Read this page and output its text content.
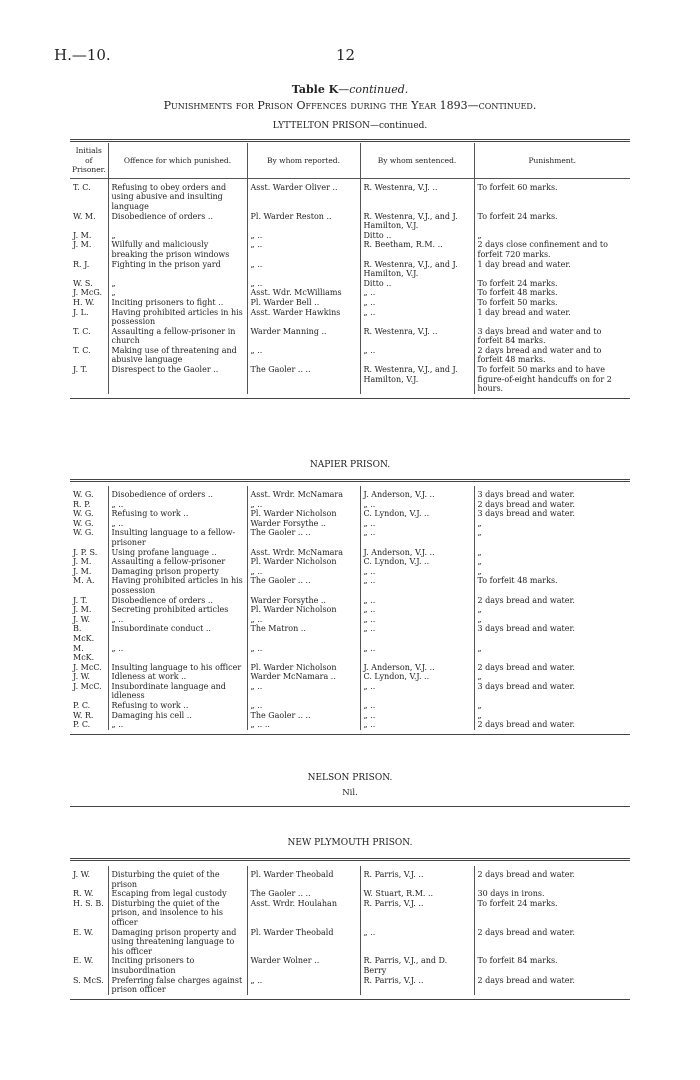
H.—10.	12
Table K—continued.
Punishments for Prison Offences during the Year 1893—continued.
LYTTELTON PRISON—continued.
Initials of Prisoner.	Offence for which punished.	By whom reported.	By whom sentenced.	Punishment.
T. C.	Refusing to obey orders and using abusive and insulting language	Asst. Warder Oliver ..	R. Westenra, V.J. ..	To forfeit 60 marks.
W. M.	Disobedience of orders ..	Pl. Warder Reston ..	R. Westenra, V.J., and J. Hamilton, V.J.	To forfeit 24 marks.
J. M.	„	„ ..	Ditto ..	„
J. M.	Wilfully and maliciously breaking the prison windows	„ ..	R. Beetham, R.M. ..	2 days close confinement and to forfeit 720 marks.
R. J.	Fighting in the prison yard	„ ..	R. Westenra, V.J., and J. Hamilton, V.J.	1 day bread and water.
W. S.	„	„ ..	Ditto ..	To forfeit 24 marks.
J. McG.	„	Asst. Wdr. McWilliams	„ ..	To forfeit 48 marks.
H. W.	Inciting prisoners to fight ..	Pl. Warder Bell ..	„ ..	To forfeit 50 marks.
J. L.	Having prohibited articles in his possession	Asst. Warder Hawkins	„ ..	1 day bread and water.
T. C.	Assaulting a fellow-prisoner in church	Warder Manning ..	R. Westenra, V.J. ..	3 days bread and water and to forfeit 84 marks.
T. C.	Making use of threatening and abusive language	„ ..	„ ..	2 days bread and water and to forfeit 48 marks.
J. T.	Disrespect to the Gaoler ..	The Gaoler .. ..	R. Westenra, V.J., and J. Hamilton, V.J.	To forfeit 50 marks and to have figure-of-eight handcuffs on for 2 hours.
NAPIER PRISON.
W. G.	Disobedience of orders ..	Asst. Wrdr. McNamara	J. Anderson, V.J. ..	3 days bread and water.
R. P.	„ ..	„ ..	„ ..	2 days bread and water.
W. G.	Refusing to work ..	Pl. Warder Nicholson	C. Lyndon, V.J. ..	3 days bread and water.
W. G.	„ ..	Warder Forsythe ..	„ ..	„
W. G.	Insulting language to a fellow-prisoner	The Gaoler .. ..	„ ..	„
J. P. S.	Using profane language ..	Asst. Wrdr. McNamara	J. Anderson, V.J. ..	„
J. M.	Assaulting a fellow-prisoner	Pl. Warder Nicholson	C. Lyndon, V.J. ..	„
J. M.	Damaging prison property	„ ..	„ ..	„
M. A.	Having prohibited articles in his possession	The Gaoler .. ..	„ ..	To forfeit 48 marks.
J. T.	Disobedience of orders ..	Warder Forsythe ..	„ ..	2 days bread and water.
J. M.	Secreting prohibited articles	Pl. Warder Nicholson	„ ..	„
J. W.	„ ..	„ ..	„ ..	„
B. McK.	Insubordinate conduct ..	The Matron ..	„ ..	3 days bread and water.
M. McK.	„ ..	„ ..	„ ..	„
J. McC.	Insulting language to his officer	Pl. Warder Nicholson	J. Anderson, V.J. ..	2 days bread and water.
J. W.	Idleness at work ..	Warder McNamara ..	C. Lyndon, V.J. ..	„
J. McC.	Insubordinate language and idleness	„ ..	„ ..	3 days bread and water.
P. C.	Refusing to work ..	„ ..	„ ..	„
W. R.	Damaging his cell ..	The Gaoler .. ..	„ ..	„
P. C.	„ ..	„ .. ..	„ ..	2 days bread and water.
NELSON PRISON.
Nil.
NEW PLYMOUTH PRISON.
J. W.	Disturbing the quiet of the prison	Pl. Warder Theobald	R. Parris, V.J. ..	2 days bread and water.
R. W.	Escaping from legal custody	The Gaoler .. ..	W. Stuart, R.M. ..	30 days in irons.
H. S. B.	Disturbing the quiet of the prison, and insolence to his officer	Asst. Wrdr. Houlahan	R. Parris, V.J. ..	To forfeit 24 marks.
E. W.	Damaging prison property and using threatening language to his officer	Pl. Warder Theobald	„ ..	2 days bread and water.
E. W.	Inciting prisoners to insubordination	Warder Wolner ..	R. Parris, V.J., and D. Berry	To forfeit 84 marks.
S. McS.	Preferring false charges against prison officer	„ ..	R. Parris, V.J. ..	2 days bread and water.
